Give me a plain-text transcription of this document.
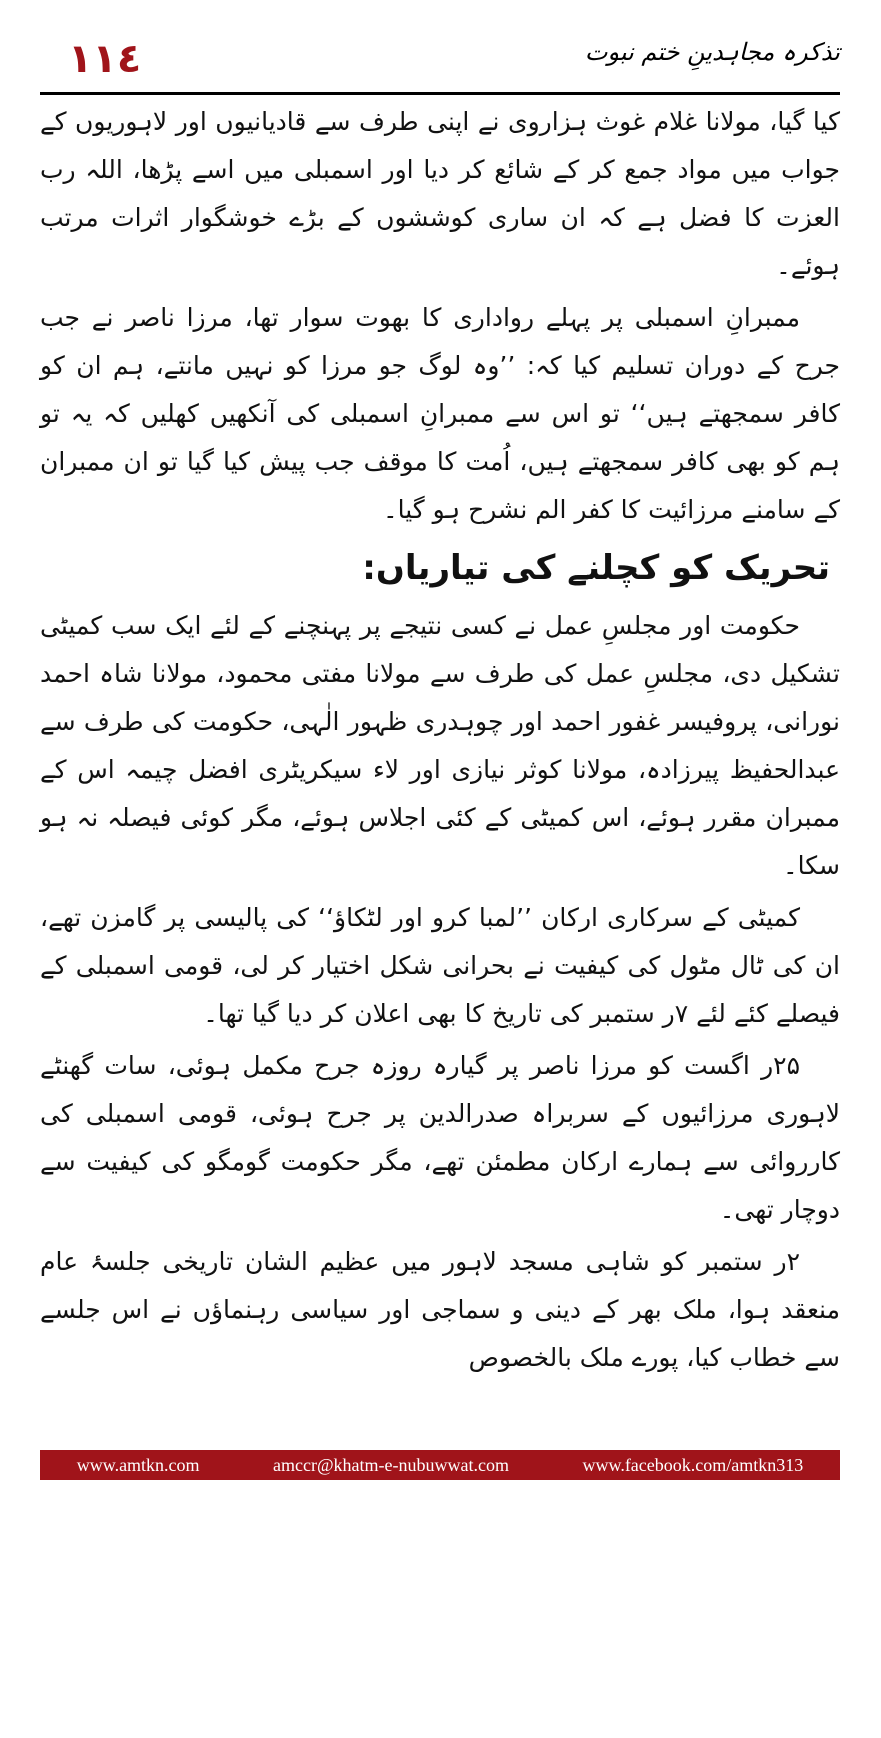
١١٤	تذکرہ مجاہدینِ ختم نبوت

کیا گیا، مولانا غلام غوث ہزاروی نے اپنی طرف سے قادیانیوں اور لاہوریوں کے جواب میں مواد جمع کر کے شائع کر دیا اور اسمبلی میں اسے پڑھا، اللہ رب العزت کا فضل ہے کہ ان ساری کوششوں کے بڑے خوشگوار اثرات مرتب ہوئے۔

ممبرانِ اسمبلی پر پہلے رواداری کا بھوت سوار تھا، مرزا ناصر نے جب جرح کے دوران تسلیم کیا کہ: ’’وہ لوگ جو مرزا کو نہیں مانتے، ہم ان کو کافر سمجھتے ہیں‘‘ تو اس سے ممبرانِ اسمبلی کی آنکھیں کھلیں کہ یہ تو ہم کو بھی کافر سمجھتے ہیں، اُمت کا موقف جب پیش کیا گیا تو ان ممبران کے سامنے مرزائیت کا کفر الم نشرح ہو گیا۔

تحریک کو کچلنے کی تیاریاں:

حکومت اور مجلسِ عمل نے کسی نتیجے پر پہنچنے کے لئے ایک سب کمیٹی تشکیل دی، مجلسِ عمل کی طرف سے مولانا مفتی محمود، مولانا شاہ احمد نورانی، پروفیسر غفور احمد اور چوہدری ظہور الٰہی، حکومت کی طرف سے عبدالحفیظ پیرزادہ، مولانا کوثر نیازی اور لاء سیکریٹری افضل چیمہ اس کے ممبران مقرر ہوئے، اس کمیٹی کے کئی اجلاس ہوئے، مگر کوئی فیصلہ نہ ہو سکا۔

کمیٹی کے سرکاری ارکان ’’لمبا کرو اور لٹکاؤ‘‘ کی پالیسی پر گامزن تھے، ان کی ٹال مٹول کی کیفیت نے بحرانی شکل اختیار کر لی، قومی اسمبلی کے فیصلے کئے لئے ۷ر ستمبر کی تاریخ کا بھی اعلان کر دیا گیا تھا۔

۲۵ر اگست کو مرزا ناصر پر گیارہ روزہ جرح مکمل ہوئی، سات گھنٹے لاہوری مرزائیوں کے سربراہ صدرالدین پر جرح ہوئی، قومی اسمبلی کی کارروائی سے ہمارے ارکان مطمئن تھے، مگر حکومت گومگو کی کیفیت سے دوچار تھی۔

۲ر ستمبر کو شاہی مسجد لاہور میں عظیم الشان تاریخی جلسۂ عام منعقد ہوا، ملک بھر کے دینی و سماجی اور سیاسی رہنماؤں نے اس جلسے سے خطاب کیا، پورے ملک بالخصوص

www.amtkn.com	amccr@khatm-e-nubuwwat.com	www.facebook.com/amtkn313
